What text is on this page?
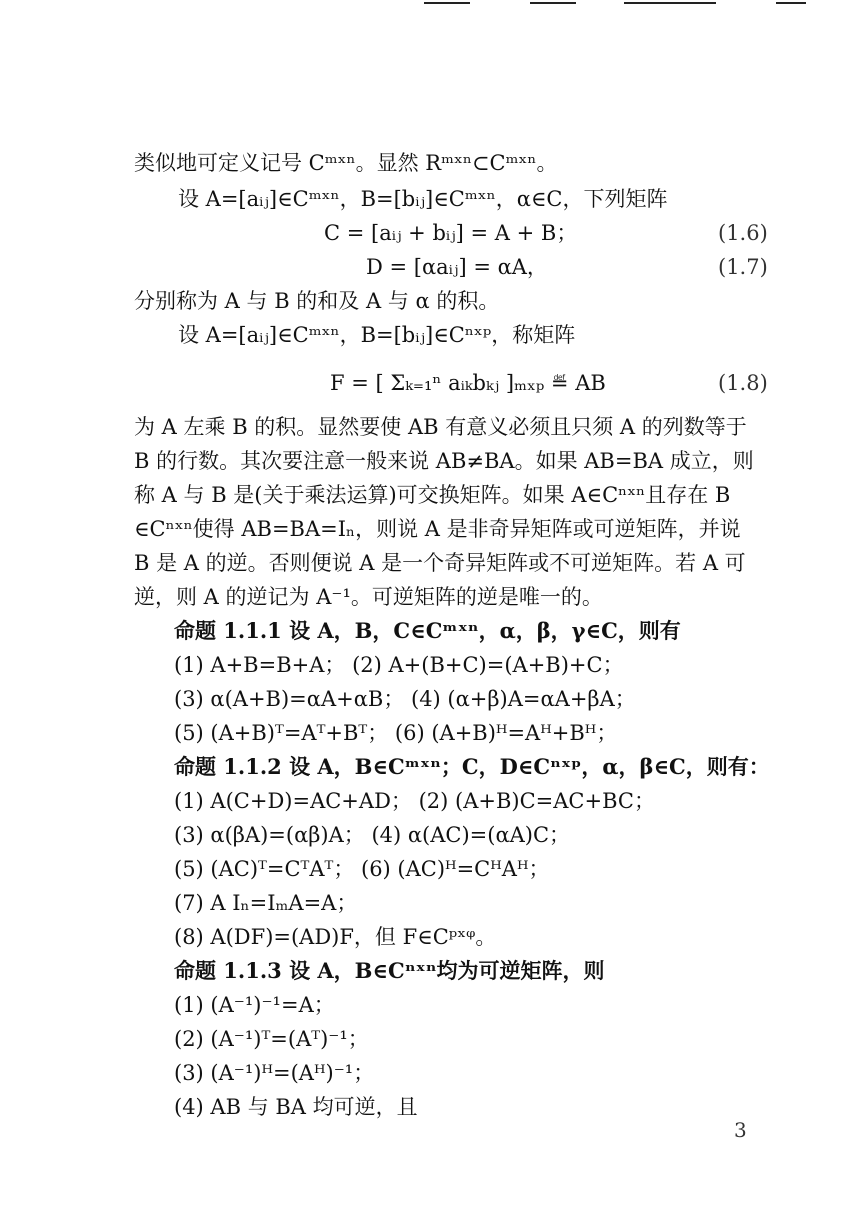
类似地可定义记号 Cᵐˣⁿ。显然 Rᵐˣⁿ⊂Cᵐˣⁿ。
设 A=[aᵢⱼ]∈Cᵐˣⁿ，B=[bᵢⱼ]∈Cᵐˣⁿ，α∈C，下列矩阵
C = [aᵢⱼ + bᵢⱼ] = A + B；	(1.6)
D = [αaᵢⱼ] = αA，	(1.7)
分别称为 A 与 B 的和及 A 与 α 的积。
设 A=[aᵢⱼ]∈Cᵐˣⁿ，B=[bᵢⱼ]∈Cⁿˣᵖ，称矩阵
F = [ Σₖ₌₁ⁿ aᵢₖbₖⱼ ]ₘₓₚ ≝ AB	(1.8)
为 A 左乘 B 的积。显然要使 AB 有意义必须且只须 A 的列数等于
B 的行数。其次要注意一般来说 AB≠BA。如果 AB=BA 成立，则
称 A 与 B 是(关于乘法运算)可交换矩阵。如果 A∈Cⁿˣⁿ且存在 B
∈Cⁿˣⁿ使得 AB=BA=Iₙ，则说 A 是非奇异矩阵或可逆矩阵，并说
B 是 A 的逆。否则便说 A 是一个奇异矩阵或不可逆矩阵。若 A 可
逆，则 A 的逆记为 A⁻¹。可逆矩阵的逆是唯一的。
命题 1.1.1 设 A，B，C∈Cᵐˣⁿ，α，β，γ∈C，则有
(1) A+B=B+A； (2) A+(B+C)=(A+B)+C；
(3) α(A+B)=αA+αB； (4) (α+β)A=αA+βA；
(5) (A+B)ᵀ=Aᵀ+Bᵀ； (6) (A+B)ᴴ=Aᴴ+Bᴴ；
命题 1.1.2 设 A，B∈Cᵐˣⁿ；C，D∈Cⁿˣᵖ，α，β∈C，则有：
(1) A(C+D)=AC+AD； (2) (A+B)C=AC+BC；
(3) α(βA)=(αβ)A； (4) α(AC)=(αA)C；
(5) (AC)ᵀ=CᵀAᵀ； (6) (AC)ᴴ=CᴴAᴴ；
(7) A Iₙ=IₘA=A；
(8) A(DF)=(AD)F，但 F∈Cᵖˣᵠ。
命题 1.1.3 设 A，B∈Cⁿˣⁿ均为可逆矩阵，则
(1) (A⁻¹)⁻¹=A；
(2) (A⁻¹)ᵀ=(Aᵀ)⁻¹；
(3) (A⁻¹)ᴴ=(Aᴴ)⁻¹；
(4) AB 与 BA 均可逆，且
3
